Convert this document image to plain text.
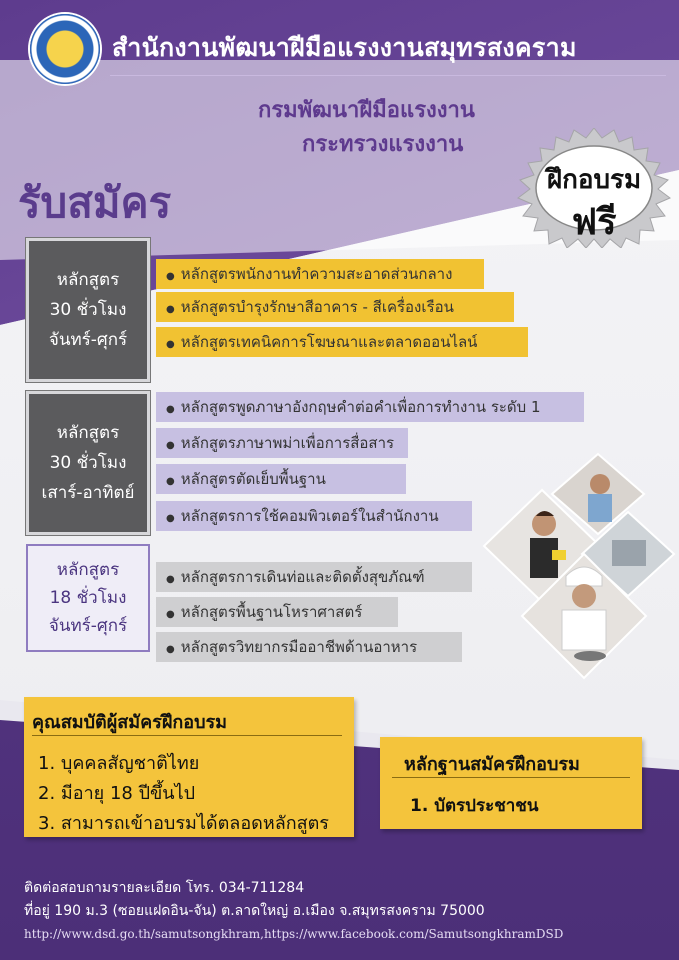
สำนักงานพัฒนาฝีมือแรงงานสมุทรสงคราม
กรมพัฒนาฝีมือแรงงาน
กระทรวงแรงงาน
รับสมัคร	ฝึกอบรม
ฟรี
หลักสูตร
30 ชั่วโมง
จันทร์-ศุกร์
● หลักสูตรพนักงานทำความสะอาดส่วนกลาง
● หลักสูตรบำรุงรักษาสีอาคาร - สีเครื่องเรือน
● หลักสูตรเทคนิคการโฆษณาและตลาดออนไลน์
หลักสูตร
30 ชั่วโมง
เสาร์-อาทิตย์
● หลักสูตรพูดภาษาอังกฤษคำต่อคำเพื่อการทำงาน ระดับ 1
● หลักสูตรภาษาพม่าเพื่อการสื่อสาร
● หลักสูตรตัดเย็บพื้นฐาน
● หลักสูตรการใช้คอมพิวเตอร์ในสำนักงาน
หลักสูตร
18 ชั่วโมง
จันทร์-ศุกร์
● หลักสูตรการเดินท่อและติดตั้งสุขภัณฑ์
● หลักสูตรพื้นฐานโหราศาสตร์
● หลักสูตรวิทยากรมืออาชีพด้านอาหาร
คุณสมบัติผู้สมัครฝึกอบรม
1. บุคคลสัญชาติไทย
2. มีอายุ 18 ปีขึ้นไป
3. สามารถเข้าอบรมได้ตลอดหลักสูตร
หลักฐานสมัครฝึกอบรม
1. บัตรประชาชน
ติดต่อสอบถามรายละเอียด โทร. 034-711284
ที่อยู่ 190 ม.3 (ซอยแฝดอิน-จัน) ต.ลาดใหญ่ อ.เมือง จ.สมุทรสงคราม 75000
http://www.dsd.go.th/samutsongkhram,https://www.facebook.com/SamutsongkhramDSD
